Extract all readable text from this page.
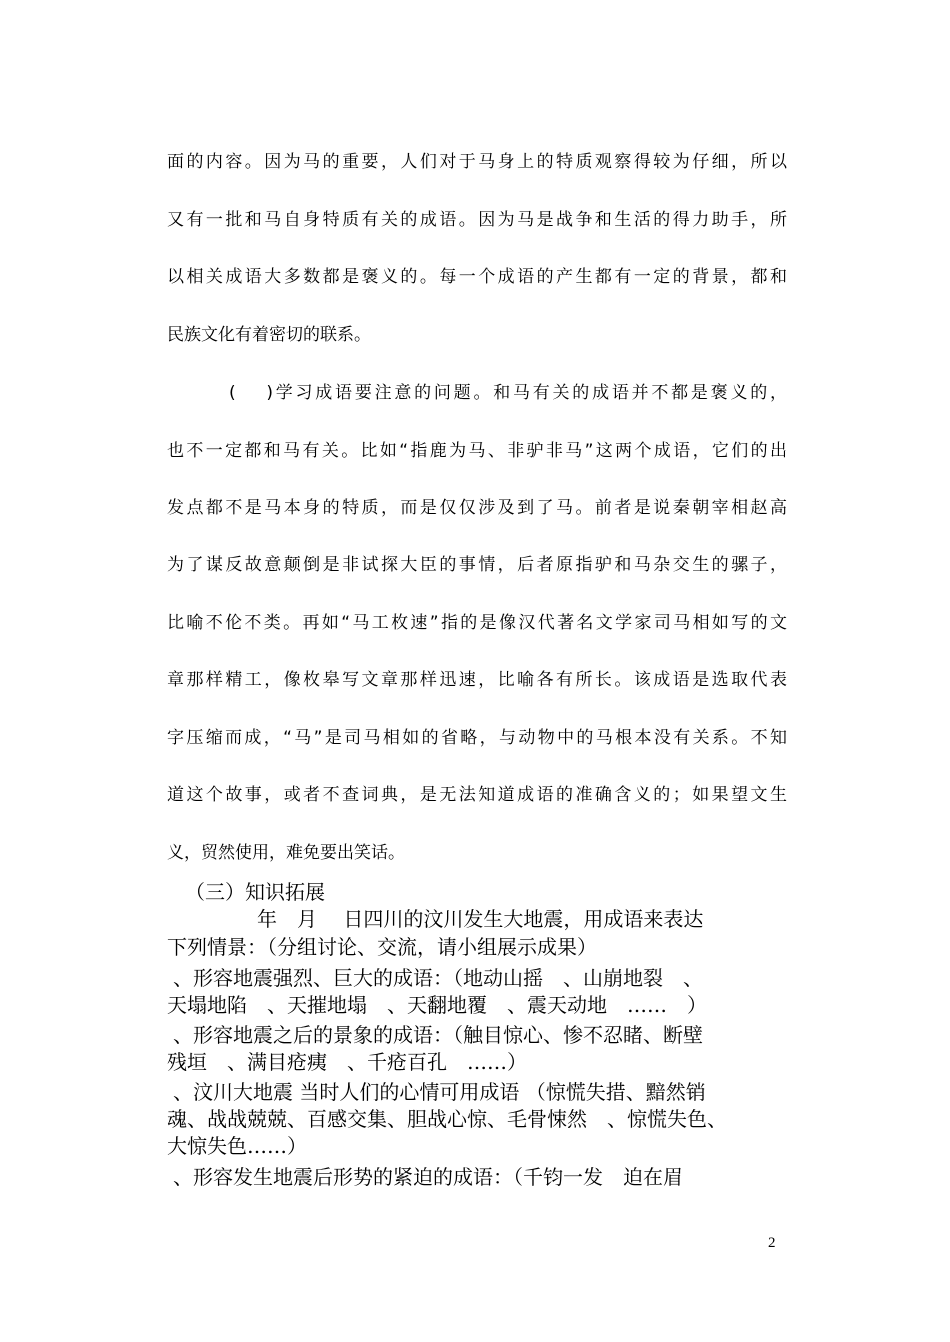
面的内容。因为马的重要，人们对于马身上的特质观察得较为仔细，所以
又有一批和马自身特质有关的成语。因为马是战争和生活的得力助手，所
以相关成语大多数都是褒义的。每一个成语的产生都有一定的背景，都和
民族文化有着密切的联系。
(　 )学习成语要注意的问题。和马有关的成语并不都是褒义的，
也不一定都和马有关。比如“指鹿为马、非驴非马”这两个成语，它们的出
发点都不是马本身的特质，而是仅仅涉及到了马。前者是说秦朝宰相赵高
为了谋反故意颠倒是非试探大臣的事情，后者原指驴和马杂交生的骡子，
比喻不伦不类。再如“马工枚速”指的是像汉代著名文学家司马相如写的文
章那样精工，像枚皋写文章那样迅速，比喻各有所长。该成语是选取代表
字压缩而成，“马”是司马相如的省略，与动物中的马根本没有关系。不知
道这个故事，或者不查词典，是无法知道成语的准确含义的；如果望文生
义，贸然使用，难免要出笑话。
（三）知识拓展
年　月　 日四川的汶川发生大地震，用成语来表达
下列情景：（分组讨论、交流，请小组展示成果）
、形容地震强烈、巨大的成语：（地动山摇　、山崩地裂　、
天塌地陷　、天摧地塌　、天翻地覆　、震天动地　……　）
、形容地震之后的景象的成语：（触目惊心、惨不忍睹、断壁
残垣　、满目疮痍　、千疮百孔　……）
、汶川大地震 当时人们的心情可用成语 （惊慌失措、黯然销
魂、战战兢兢、百感交集、胆战心惊、毛骨悚然　、惊慌失色、
大惊失色……）
、形容发生地震后形势的紧迫的成语：（千钧一发　迫在眉
2
